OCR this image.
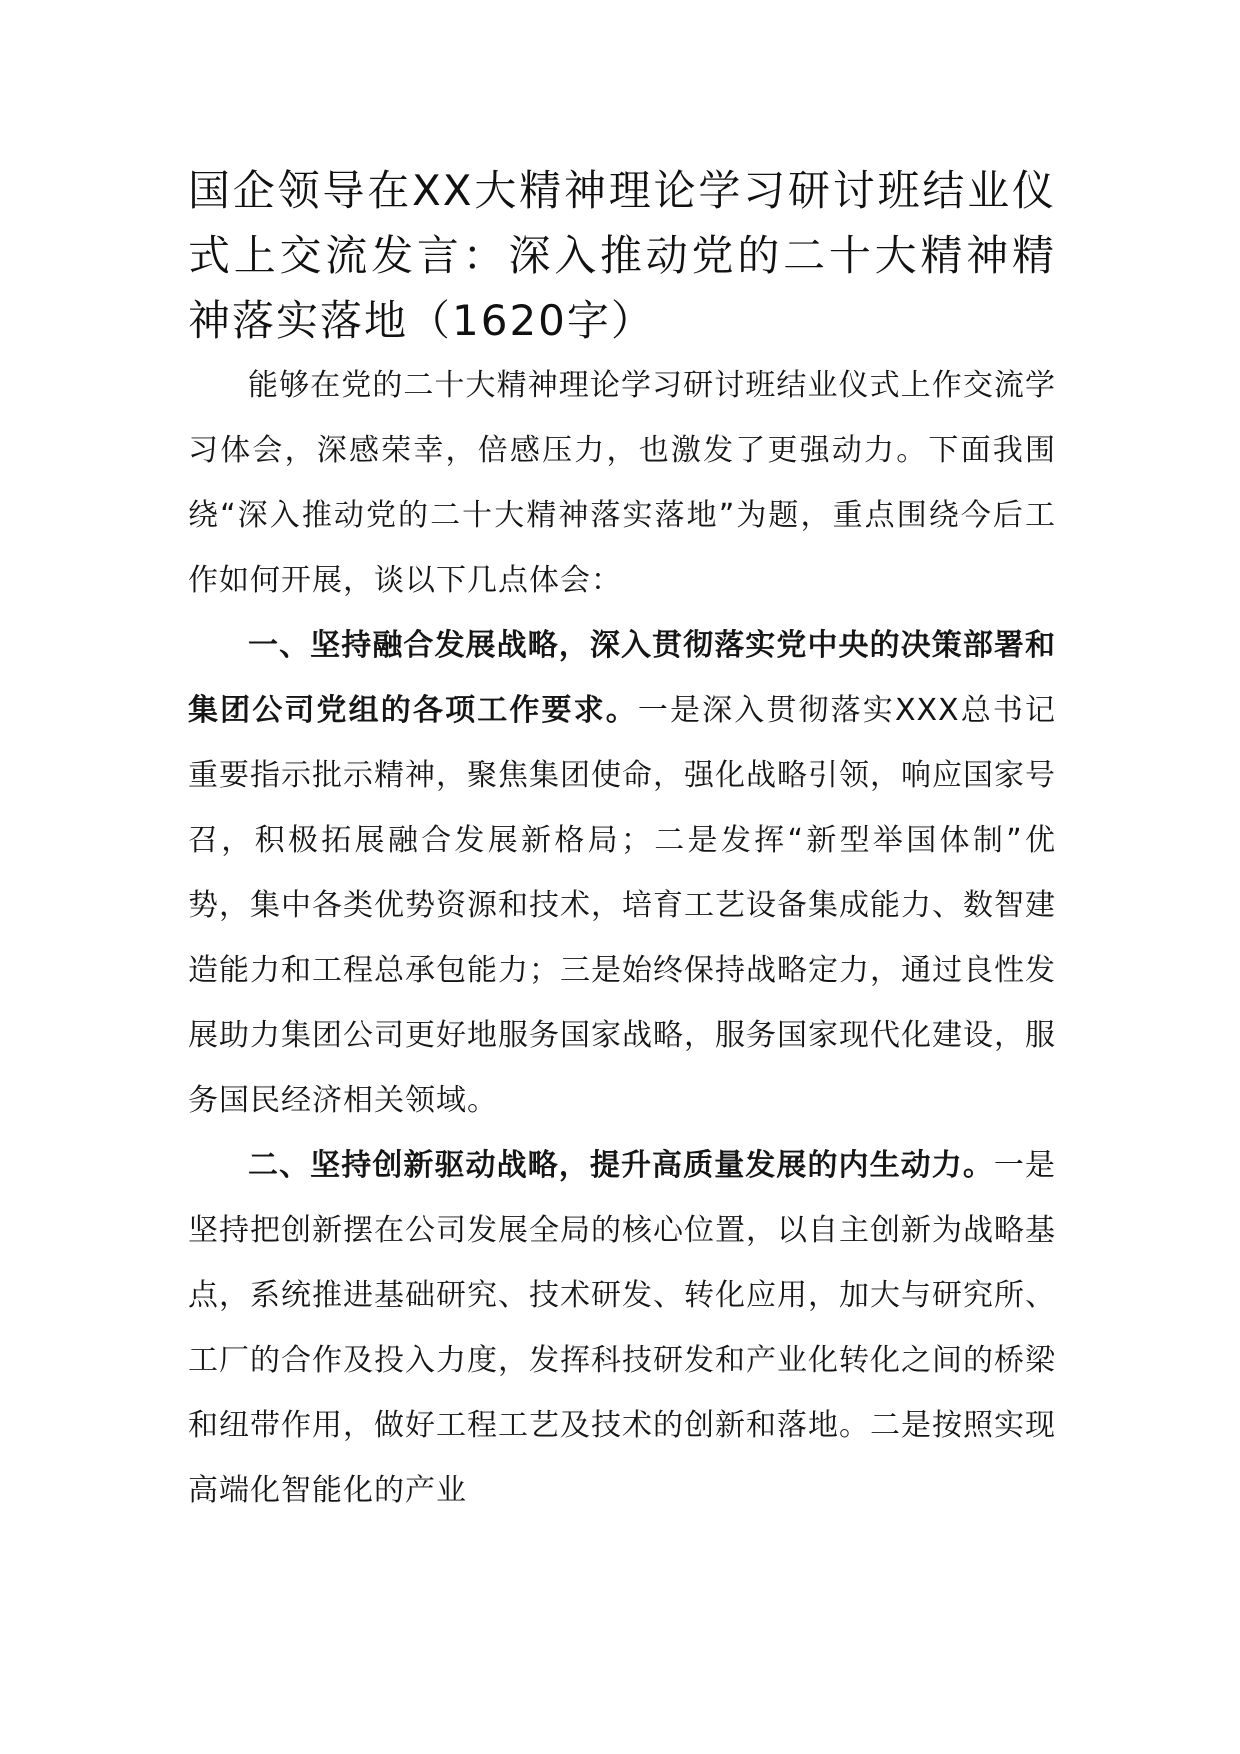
国企领导在XX大精神理论学习研讨班结业仪式上交流发言：深入推动党的二十大精神精神落实落地（1620字）

能够在党的二十大精神理论学习研讨班结业仪式上作交流学习体会，深感荣幸，倍感压力，也激发了更强动力。下面我围绕“深入推动党的二十大精神落实落地”为题，重点围绕今后工作如何开展，谈以下几点体会：

一、坚持融合发展战略，深入贯彻落实党中央的决策部署和集团公司党组的各项工作要求。一是深入贯彻落实XXX总书记重要指示批示精神，聚焦集团使命，强化战略引领，响应国家号召，积极拓展融合发展新格局；二是发挥“新型举国体制”优势，集中各类优势资源和技术，培育工艺设备集成能力、数智建造能力和工程总承包能力；三是始终保持战略定力，通过良性发展助力集团公司更好地服务国家战略，服务国家现代化建设，服务国民经济相关领域。

二、坚持创新驱动战略，提升高质量发展的内生动力。一是坚持把创新摆在公司发展全局的核心位置，以自主创新为战略基点，系统推进基础研究、技术研发、转化应用，加大与研究所、工厂的合作及投入力度，发挥科技研发和产业化转化之间的桥梁和纽带作用，做好工程工艺及技术的创新和落地。二是按照实现高端化智能化的产业
